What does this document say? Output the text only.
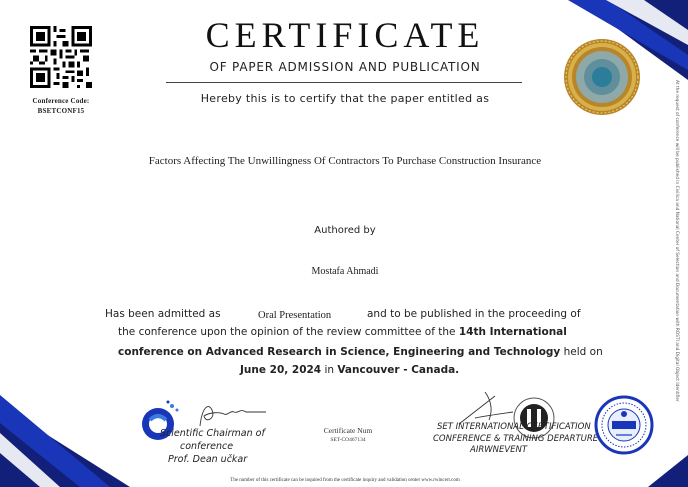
Conference Code:
BSETCONF15
CERTIFICATE
OF PAPER ADMISSION AND PUBLICATION
Hereby this is to certify that the paper entitled as	At the request of conference will be published in Civilica and National Center of Selection and Documentation with ROSTI and Digital Object Identifier
Factors Affecting The Unwillingness Of Contractors To Purchase Construction Insurance
Authored by
Mostafa Ahmadi
Has been admitted as	Oral Presentation	and to be published in the proceeding of
the conference upon the opinion of the review committee of the 14th International
conference on Advanced Research in Science, Engineering and Technology held on
June 20, 2024 in Vancouver - Canada.
Scientific Chairman of
conference
Prof. Dean učkar
Certificate Num
SET-CO467134
SET INTERNATIONAL CERTIFICATION
CONFERENCE & TRAINING DEPARTURE
AIRWNEVENT
The number of this certificate can be inquired from the certificate inquiry and validation center www.rwincert.com
